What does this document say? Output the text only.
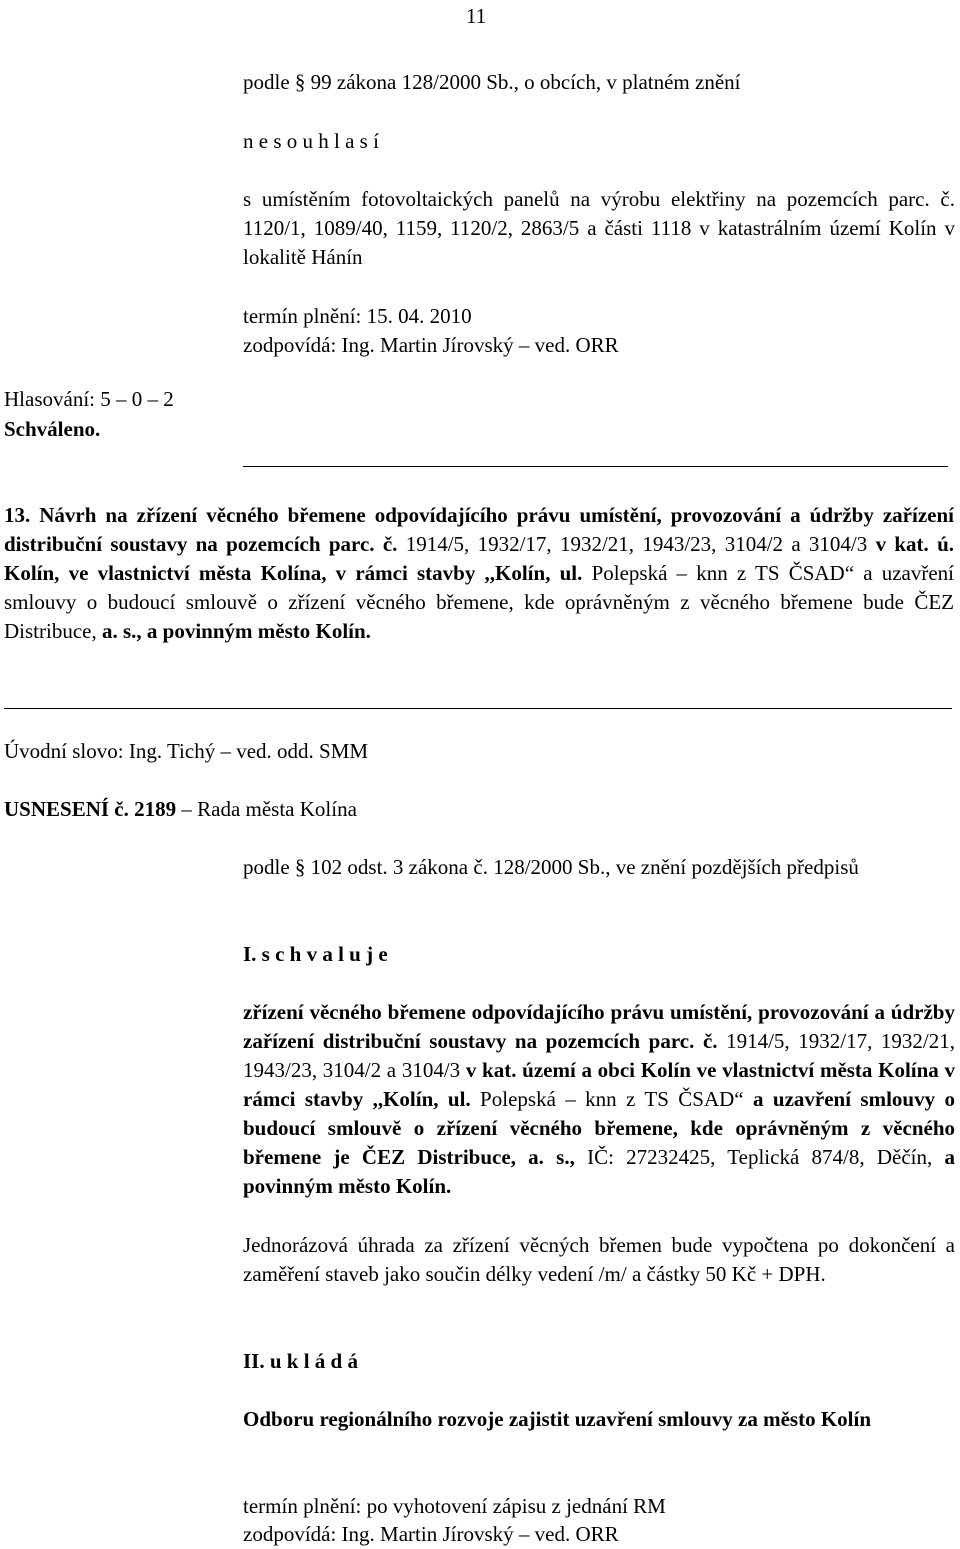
11
podle § 99 zákona 128/2000 Sb., o obcích, v platném znění
n e s o u h l a s í

s umístěním fotovoltaických panelů na výrobu elektřiny na pozemcích parc. č. 1120/1, 1089/40, 1159, 1120/2, 2863/5 a části 1118 v katastrálním území Kolín v lokalitě Hánín

termín plnění: 15. 04. 2010
zodpovídá: Ing. Martin Jírovský – ved. ORR
Hlasování: 5 – 0 – 2
Schváleno.

13. Návrh na zřízení věcného břemene odpovídajícího právu umístění, provozování a údržby zařízení distribuční soustavy na pozemcích parc. č. 1914/5, 1932/17, 1932/21, 1943/23, 3104/2 a 3104/3 v kat. ú. Kolín, ve vlastnictví města Kolína, v rámci stavby ,,Kolín, ul. Polepská – knn z TS ČSAD“ a uzavření smlouvy o budoucí smlouvě o zřízení věcného břemene, kde oprávněným z věcného břemene bude ČEZ Distribuce, a. s., a povinným město Kolín.

Úvodní slovo: Ing. Tichý – ved. odd. SMM
USNESENÍ č. 2189 – Rada města Kolína

podle § 102 odst. 3 zákona č. 128/2000 Sb., ve znění pozdějších předpisů

I. s c h v a l u j e

zřízení věcného břemene odpovídajícího právu umístění, provozování a údržby zařízení distribuční soustavy na pozemcích parc. č. 1914/5, 1932/17, 1932/21, 1943/23, 3104/2 a 3104/3 v kat. území a obci Kolín ve vlastnictví města Kolína v rámci stavby ,,Kolín, ul. Polepská – knn z TS ČSAD“ a uzavření smlouvy o budoucí smlouvě o zřízení věcného břemene, kde oprávněným z věcného břemene je ČEZ Distribuce, a. s., IČ: 27232425, Teplická 874/8, Děčín, a povinným město Kolín.

Jednorázová úhrada za zřízení věcných břemen bude vypočtena po dokončení a zaměření staveb jako součin délky vedení /m/ a částky 50 Kč + DPH.

II. u k l á d á

Odboru regionálního rozvoje zajistit uzavření smlouvy za město Kolín

termín plnění: po vyhotovení zápisu z jednání RM
zodpovídá: Ing. Martin Jírovský – ved. ORR
